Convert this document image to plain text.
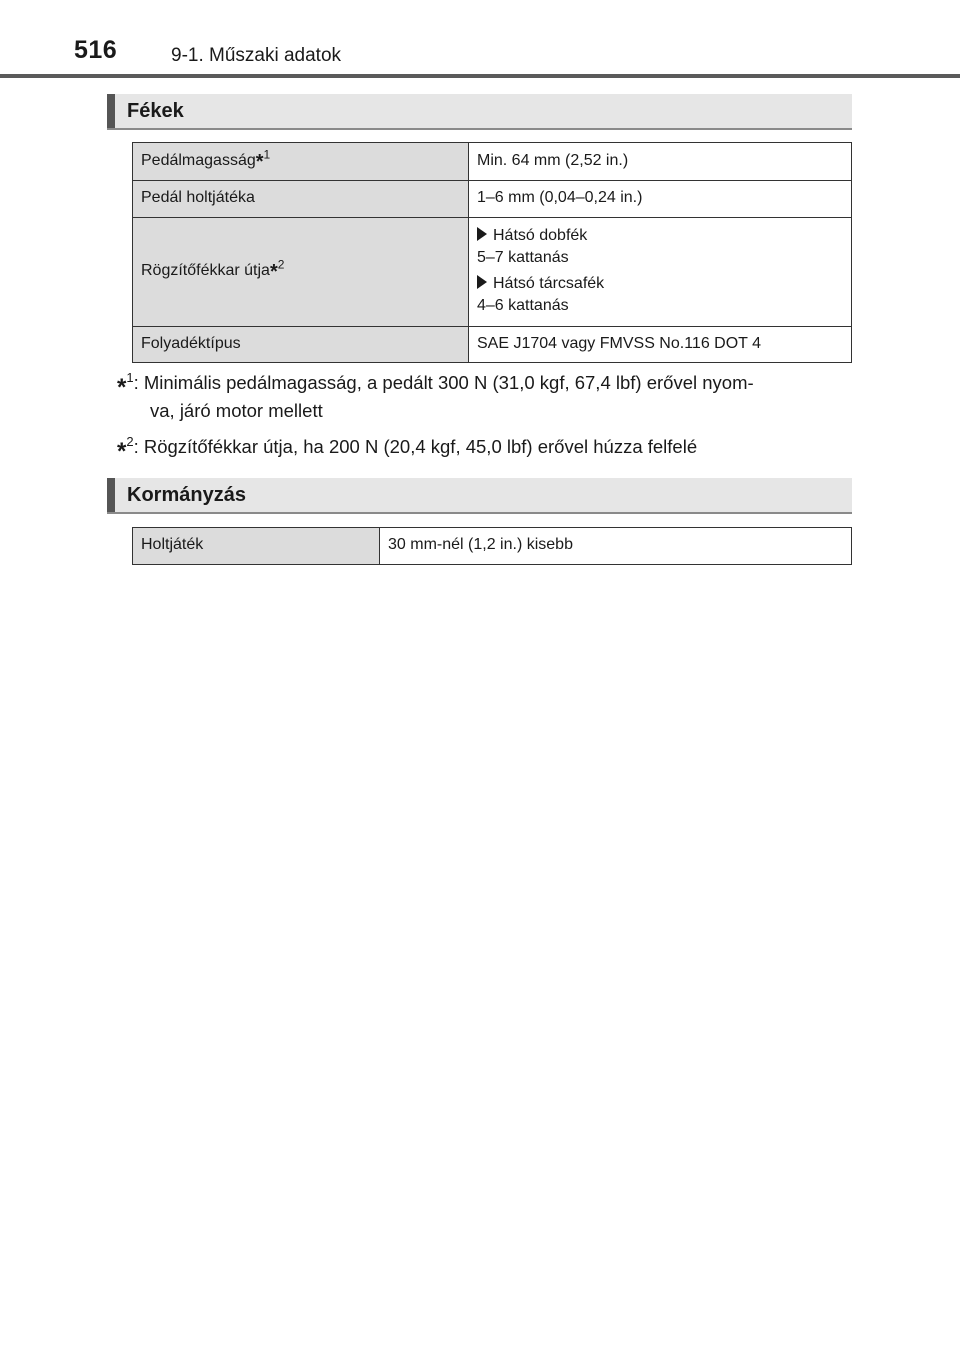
516	9-1. Műszaki adatok
Fékek
Pedálmagasság*$^1$	Min. 64 mm (2,52 in.)
Pedál holtjátéka	1–6 mm (0,04–0,24 in.)
Rögzítőfékkar útja*$^2$	Hátsó dobfék
5–7 kattanás
Hátsó tárcsafék
4–6 kattanás

Folyadéktípus	SAE J1704 vagy FMVSS No.116 DOT 4
*$^1$: Minimális pedálmagasság, a pedált 300 N (31,0 kgf, 67,4 lbf) erővel nyom-
va, járó motor mellett
*$^2$: Rögzítőfékkar útja, ha 200 N (20,4 kgf, 45,0 lbf) erővel húzza felfelé
Kormányzás
Holtjáték	30 mm-nél (1,2 in.) kisebb
